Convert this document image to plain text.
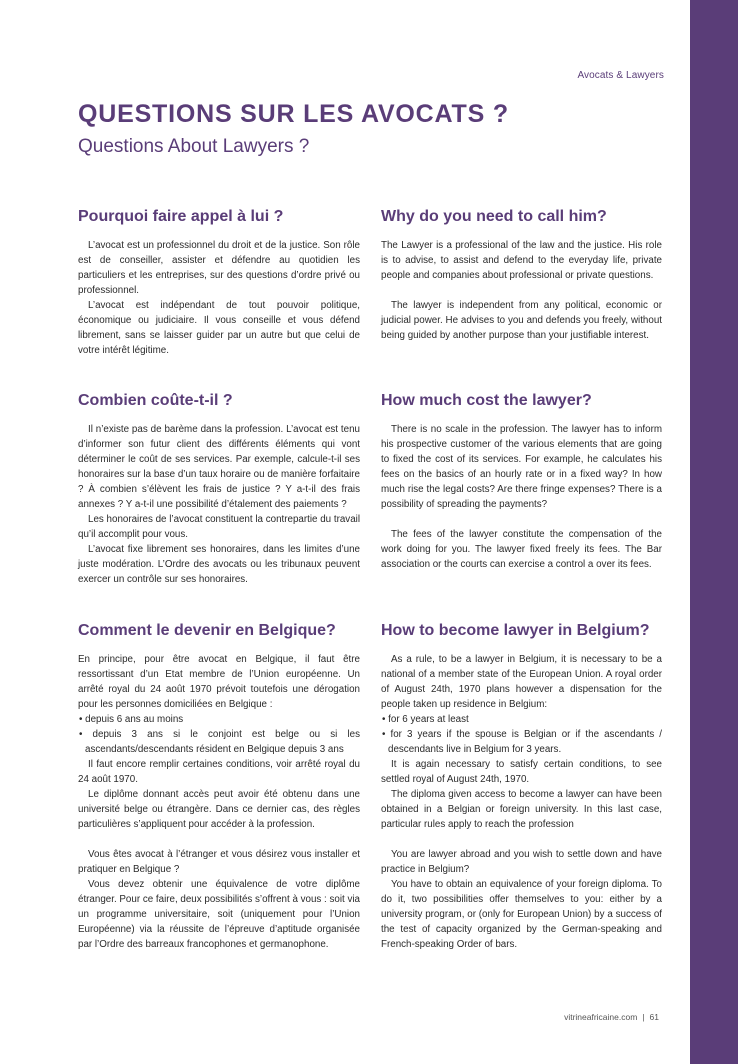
Avocats & Lawyers
QUESTIONS SUR LES AVOCATS ?
Questions About Lawyers ?
Pourquoi faire appel à lui ?

L’avocat est un professionnel du droit et de la justice. Son rôle est de conseiller, assister et défendre au quotidien les particuliers et les entreprises, sur des questions d’ordre privé ou professionnel.

L’avocat est indépendant de tout pouvoir politique, économique ou judiciaire. Il vous conseille et vous défend librement, sans se laisser guider par un autre but que celui de votre intérêt légitime.

Why do you need to call him?

The Lawyer is a professional of the law and the justice. His role is to advise, to assist and defend to the everyday life, private people and companies about professional or private questions.

The lawyer is independent from any political, economic or judicial power. He advises to you and defends you freely, without being guided by another purpose than your justifiable interest.

Combien coûte-t-il ?

Il n’existe pas de barème dans la profession. L’avocat est tenu d’informer son futur client des différents éléments qui vont déterminer le coût de ses services. Par exemple, calcule-t-il ses honoraires sur la base d’un taux horaire ou de manière forfaitaire ? À combien s’élèvent les frais de justice ? Y a-t-il des frais annexes ? Y a-t-il une possibilité d’étalement des paiements ?

Les honoraires de l’avocat constituent la contrepartie du travail qu’il accomplit pour vous.

L’avocat fixe librement ses honoraires, dans les limites d’une juste modération. L’Ordre des avocats ou les tribunaux peuvent exercer un contrôle sur ses honoraires.

How much cost the lawyer?

There is no scale in the profession. The lawyer has to inform his prospective customer of the various elements that are going to fixed the cost of its services. For example, he calculates his fees on the basics of an hourly rate or in a fixed way? In how much rise the legal costs? Are there fringe expenses? There is a possibility of spreading the payments?

The fees of the lawyer constitute the compensation of the work doing for you. The lawyer fixed freely its fees. The Bar association or the courts can exercise a control a over its fees.

Comment le devenir en Belgique?

En principe, pour être avocat en Belgique, il faut être ressortissant d’un Etat membre de l’Union européenne. Un arrêté royal du 24 août 1970 prévoit toutefois une dérogation pour les personnes domiciliées en Belgique :

• depuis 6 ans au moins

• depuis 3 ans si le conjoint est belge ou si les ascendants/descendants résident en Belgique depuis 3 ans

Il faut encore remplir certaines conditions, voir arrêté royal du 24 août 1970.

Le diplôme donnant accès peut avoir été obtenu dans une université belge ou étrangère. Dans ce dernier cas, des règles particulières s’appliquent pour accéder à la profession.

Vous êtes avocat à l’étranger et vous désirez vous installer et pratiquer en Belgique ?

Vous devez obtenir une équivalence de votre diplôme étranger. Pour ce faire, deux possibilités s’offrent à vous : soit via un programme universitaire, soit (uniquement pour l’Union Européenne) via la réussite de l’épreuve d’aptitude organisée par l’Ordre des barreaux francophones et germanophone.

How to become lawyer in Belgium?

As a rule, to be a lawyer in Belgium, it is necessary to be a national of a member state of the European Union. A royal order of August 24th, 1970 plans however a dispensation for the people taken up residence in Belgium:

• for 6 years at least

• for 3 years if the spouse is Belgian or if the ascendants / descendants live in Belgium for 3 years.

It is again necessary to satisfy certain conditions, to see settled royal of August 24th, 1970.

The diploma given access to become a lawyer can have been obtained in a Belgian or foreign university. In this last case, particular rules apply to reach the profession

You are lawyer abroad and you wish to settle down and have practice in Belgium?

You have to obtain an equivalence of your foreign diploma. To do it, two possibilities offer themselves to you: either by a university program, or (only for European Union) by a success of the test of capacity organized by the German-speaking and French-speaking Order of bars.

vitrineafricaine.com | 61
